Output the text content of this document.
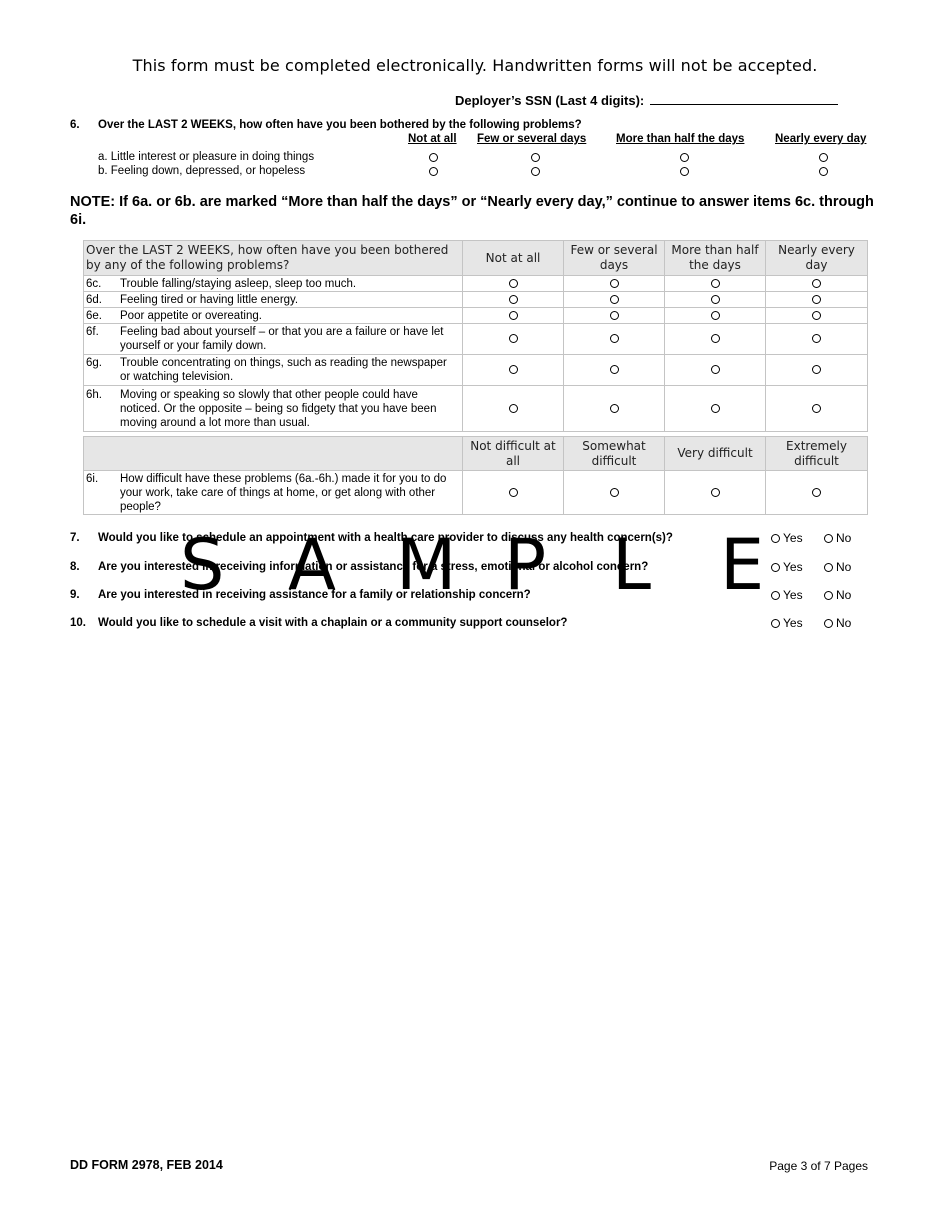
This form must be completed electronically. Handwritten forms will not be accepted.
Deployer’s SSN (Last 4 digits):
6. Over the LAST 2 WEEKS, how often have you been bothered by the following problems?
Not at all Few or several days	More than half the days	Nearly every day
a. Little interest or pleasure in doing things
b. Feeling down, depressed, or hopeless
NOTE: If 6a. or 6b. are marked “More than half the days” or “Nearly every day,” continue to answer items 6c. through 6i.
Over the LAST 2 WEEKS, how often have you been bothered by any of the following problems?	Not at all	Few or several days	More than half the days	Nearly every day

6c. Trouble falling/staying asleep, sleep too much.				

6d. Feeling tired or having little energy.				

6e. Poor appetite or overeating.				

6f. Feeling bad about yourself – or that you are a failure or have let yourself or your family down.				

6g. Trouble concentrating on things, such as reading the newspaper or watching television.				

6h. Moving or speaking so slowly that other people could have noticed. Or the opposite – being so fidgety that you have been moving around a lot more than usual.				

	Not difficult at all	Somewhat difficult	Very difficult	Extremely difficult

6i. How difficult have these problems (6a.-6h.) made it for you to do your work, take care of things at home, or get along with other people?				

7. Would you like to schedule an appointment with a health care provider to discuss any health concern(s)?	Yes	No
8. Are you interested in receiving information or assistance for a stress, emotional or alcohol concern?	Yes	No
9. Are you interested in receiving assistance for a family or relationship concern?	Yes	No
10. Would you like to schedule a visit with a chaplain or a community support counselor?	Yes	No
S A M P L E
DD FORM 2978, FEB 2014	Page 3 of 7 Pages
